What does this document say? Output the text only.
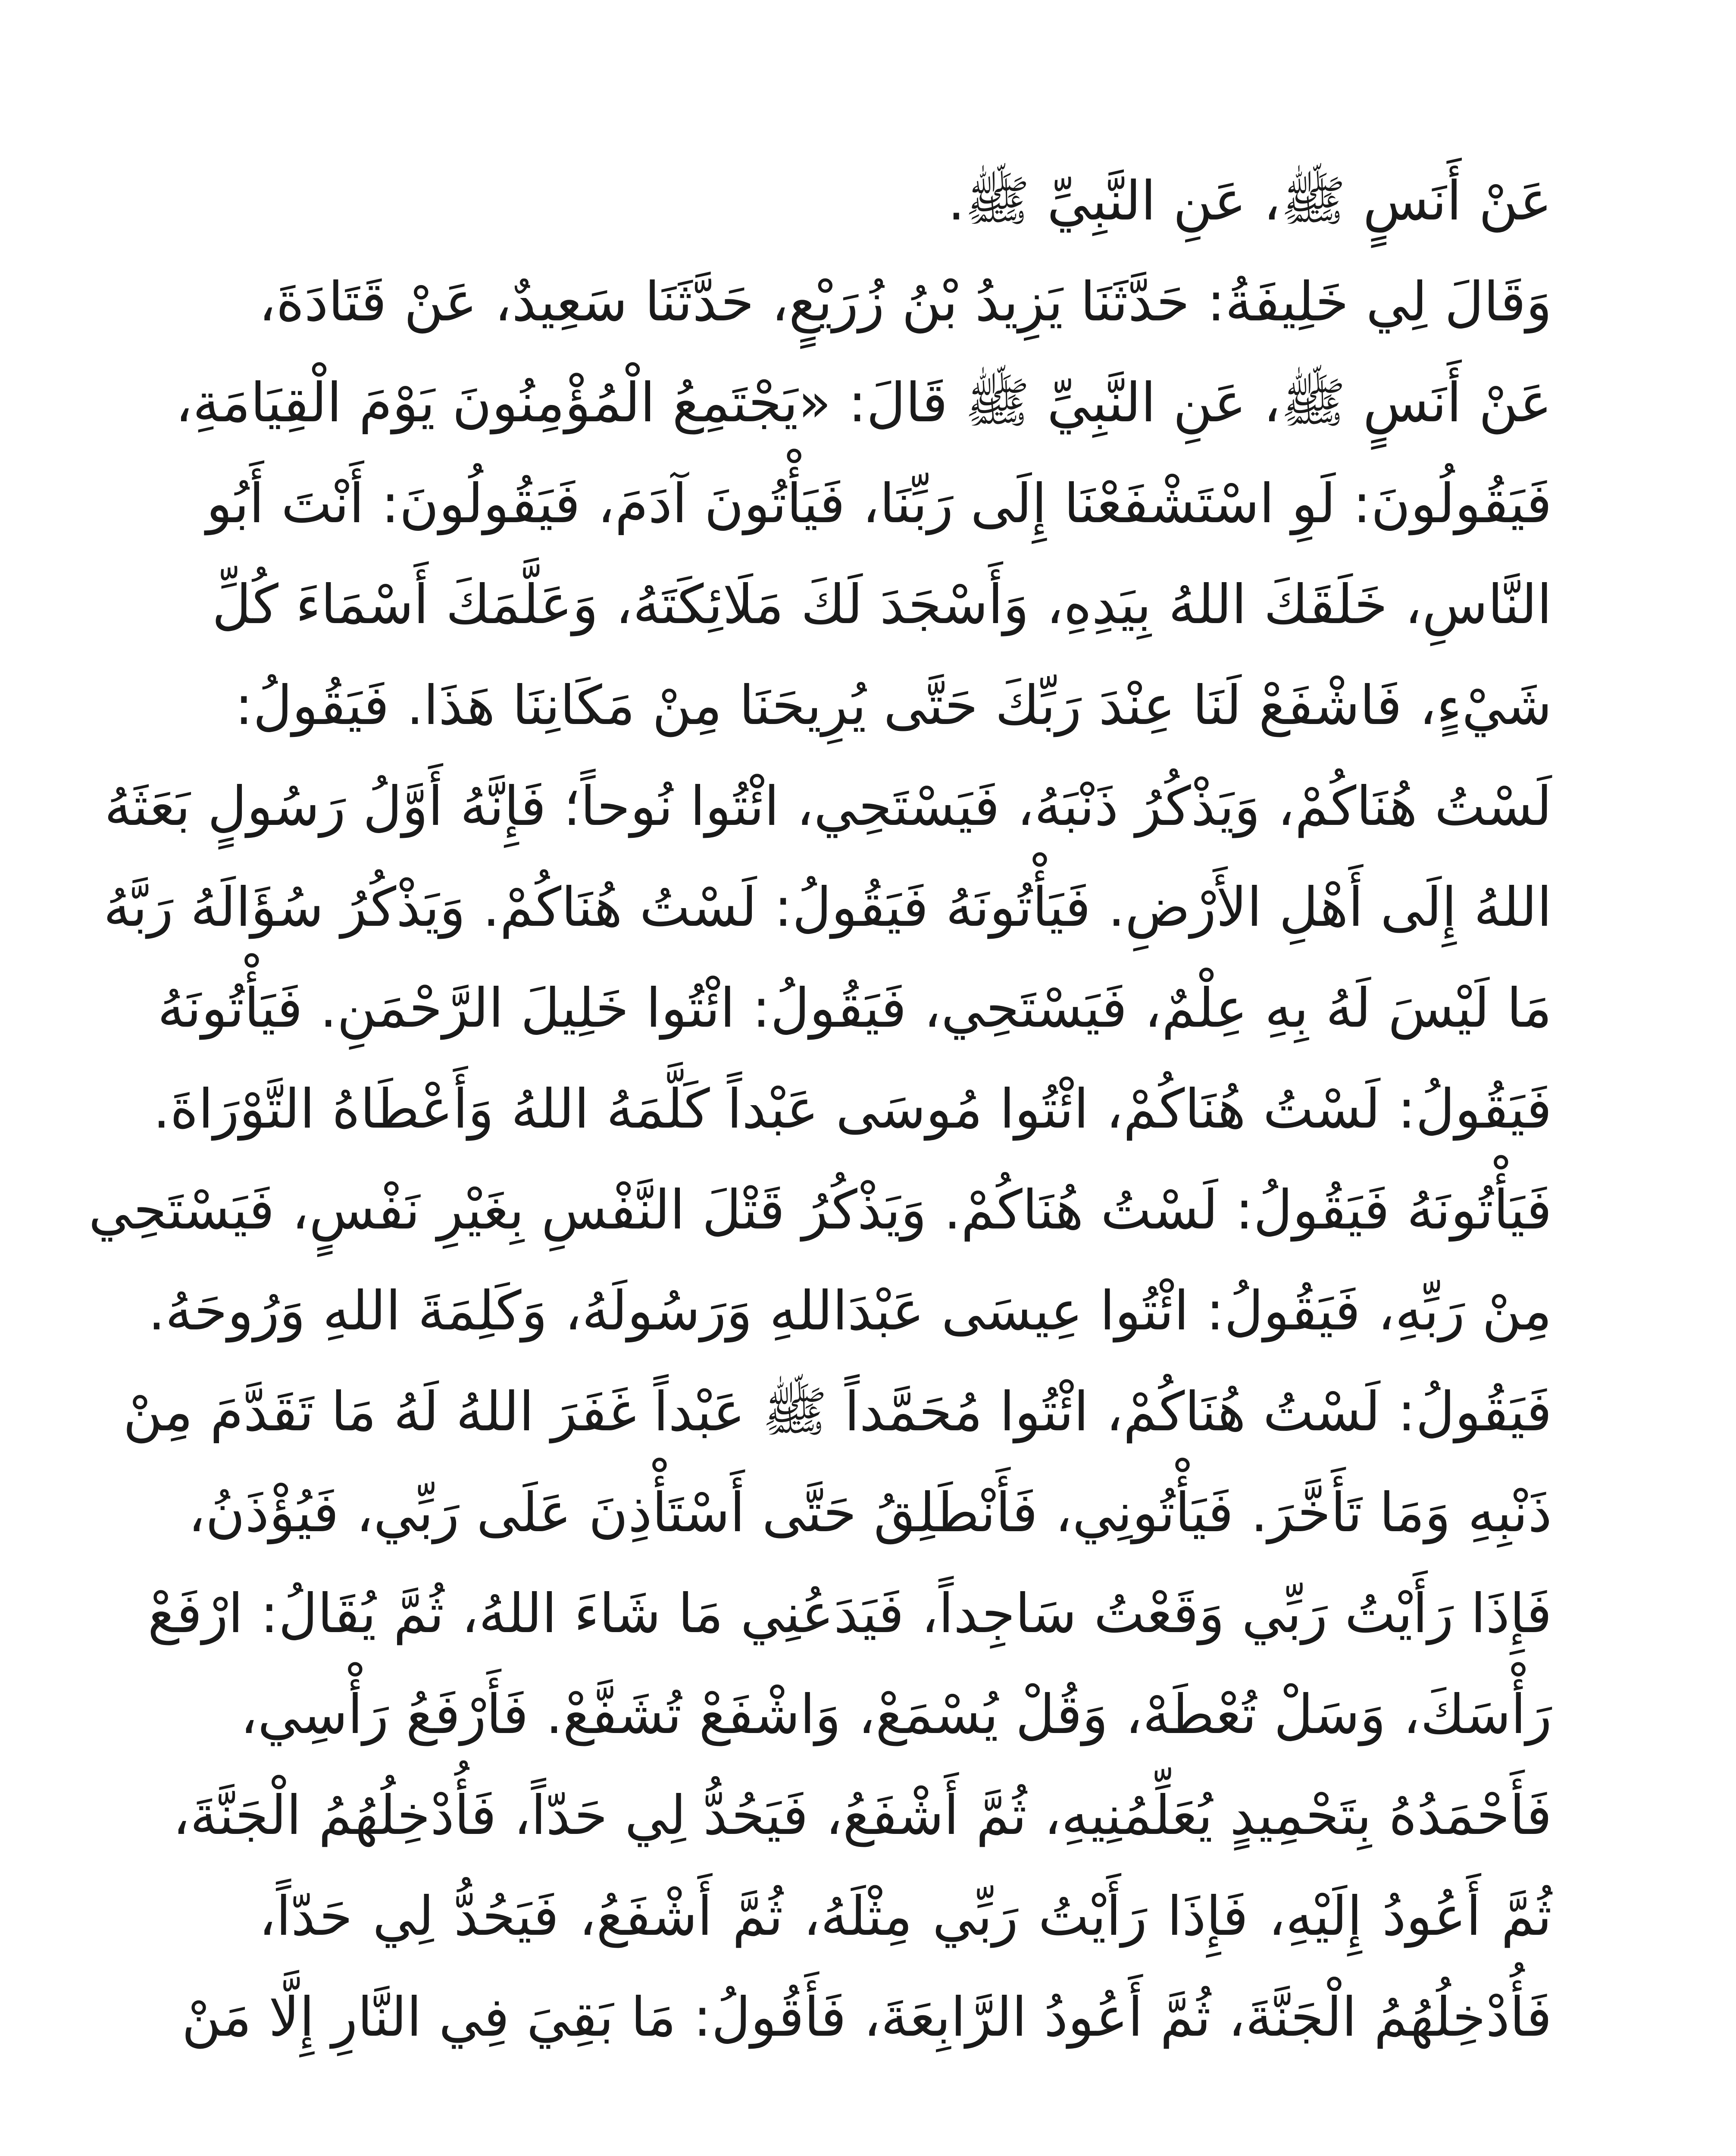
عَنْ أَنَسٍ ﷺ، عَنِ النَّبِيِّ ﷺ.
وَقَالَ لِي خَلِيفَةُ: حَدَّثَنَا يَزِيدُ بْنُ زُرَيْعٍ، حَدَّثَنَا سَعِيدٌ، عَنْ قَتَادَةَ،
عَنْ أَنَسٍ ﷺ، عَنِ النَّبِيِّ ﷺ قَالَ: «يَجْتَمِعُ الْمُؤْمِنُونَ يَوْمَ الْقِيَامَةِ،
فَيَقُولُونَ: لَوِ اسْتَشْفَعْنَا إِلَى رَبِّنَا، فَيَأْتُونَ آدَمَ، فَيَقُولُونَ: أَنْتَ أَبُو
النَّاسِ، خَلَقَكَ اللهُ بِيَدِهِ، وَأَسْجَدَ لَكَ مَلَائِكَتَهُ، وَعَلَّمَكَ أَسْمَاءَ كُلِّ
شَيْءٍ، فَاشْفَعْ لَنَا عِنْدَ رَبِّكَ حَتَّى يُرِيحَنَا مِنْ مَكَانِنَا هَذَا. فَيَقُولُ:
لَسْتُ هُنَاكُمْ، وَيَذْكُرُ ذَنْبَهُ، فَيَسْتَحِي، ائْتُوا نُوحاً؛ فَإِنَّهُ أَوَّلُ رَسُولٍ بَعَثَهُ
اللهُ إِلَى أَهْلِ الأَرْضِ. فَيَأْتُونَهُ فَيَقُولُ: لَسْتُ هُنَاكُمْ. وَيَذْكُرُ سُؤَالَهُ رَبَّهُ
مَا لَيْسَ لَهُ بِهِ عِلْمٌ، فَيَسْتَحِي، فَيَقُولُ: ائْتُوا خَلِيلَ الرَّحْمَنِ. فَيَأْتُونَهُ
فَيَقُولُ: لَسْتُ هُنَاكُمْ، ائْتُوا مُوسَى عَبْداً كَلَّمَهُ اللهُ وَأَعْطَاهُ التَّوْرَاةَ.
فَيَأْتُونَهُ فَيَقُولُ: لَسْتُ هُنَاكُمْ. وَيَذْكُرُ قَتْلَ النَّفْسِ بِغَيْرِ نَفْسٍ، فَيَسْتَحِي
مِنْ رَبِّهِ، فَيَقُولُ: ائْتُوا عِيسَى عَبْدَاللهِ وَرَسُولَهُ، وَكَلِمَةَ اللهِ وَرُوحَهُ.
فَيَقُولُ: لَسْتُ هُنَاكُمْ، ائْتُوا مُحَمَّداً ﷺ عَبْداً غَفَرَ اللهُ لَهُ مَا تَقَدَّمَ مِنْ
ذَنْبِهِ وَمَا تَأَخَّرَ. فَيَأْتُونِي، فَأَنْطَلِقُ حَتَّى أَسْتَأْذِنَ عَلَى رَبِّي، فَيُؤْذَنُ،
فَإِذَا رَأَيْتُ رَبِّي وَقَعْتُ سَاجِداً، فَيَدَعُنِي مَا شَاءَ اللهُ، ثُمَّ يُقَالُ: ارْفَعْ
رَأْسَكَ، وَسَلْ تُعْطَهْ، وَقُلْ يُسْمَعْ، وَاشْفَعْ تُشَفَّعْ. فَأَرْفَعُ رَأْسِي،
فَأَحْمَدُهُ بِتَحْمِيدٍ يُعَلِّمُنِيهِ، ثُمَّ أَشْفَعُ، فَيَحُدُّ لِي حَدّاً، فَأُدْخِلُهُمُ الْجَنَّةَ،
ثُمَّ أَعُودُ إِلَيْهِ، فَإِذَا رَأَيْتُ رَبِّي مِثْلَهُ، ثُمَّ أَشْفَعُ، فَيَحُدُّ لِي حَدّاً،
فَأُدْخِلُهُمُ الْجَنَّةَ، ثُمَّ أَعُودُ الرَّابِعَةَ، فَأَقُولُ: مَا بَقِيَ فِي النَّارِ إِلَّا مَنْ
